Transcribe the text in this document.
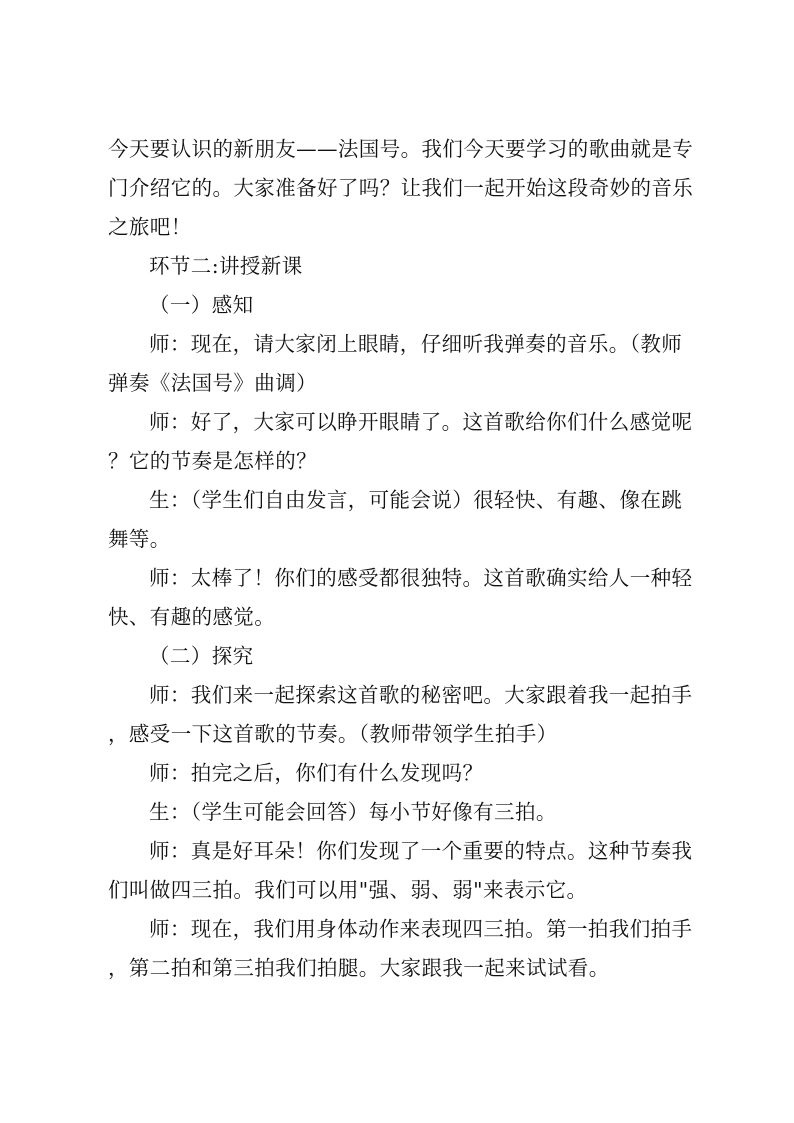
今天要认识的新朋友——法国号。我们今天要学习的歌曲就是专
门介绍它的。大家准备好了吗？让我们一起开始这段奇妙的音乐
之旅吧！
环节二:讲授新课
（一）感知
师：现在，请大家闭上眼睛，仔细听我弹奏的音乐。（教师
弹奏《法国号》曲调）
师：好了，大家可以睁开眼睛了。这首歌给你们什么感觉呢
？它的节奏是怎样的？
生：（学生们自由发言，可能会说）很轻快、有趣、像在跳
舞等。
师：太棒了！你们的感受都很独特。这首歌确实给人一种轻
快、有趣的感觉。
（二）探究
师：我们来一起探索这首歌的秘密吧。大家跟着我一起拍手
，感受一下这首歌的节奏。（教师带领学生拍手）
师：拍完之后，你们有什么发现吗？
生：（学生可能会回答）每小节好像有三拍。
师：真是好耳朵！你们发现了一个重要的特点。这种节奏我
们叫做四三拍。我们可以用"强、弱、弱"来表示它。
师：现在，我们用身体动作来表现四三拍。第一拍我们拍手
，第二拍和第三拍我们拍腿。大家跟我一起来试试看。
